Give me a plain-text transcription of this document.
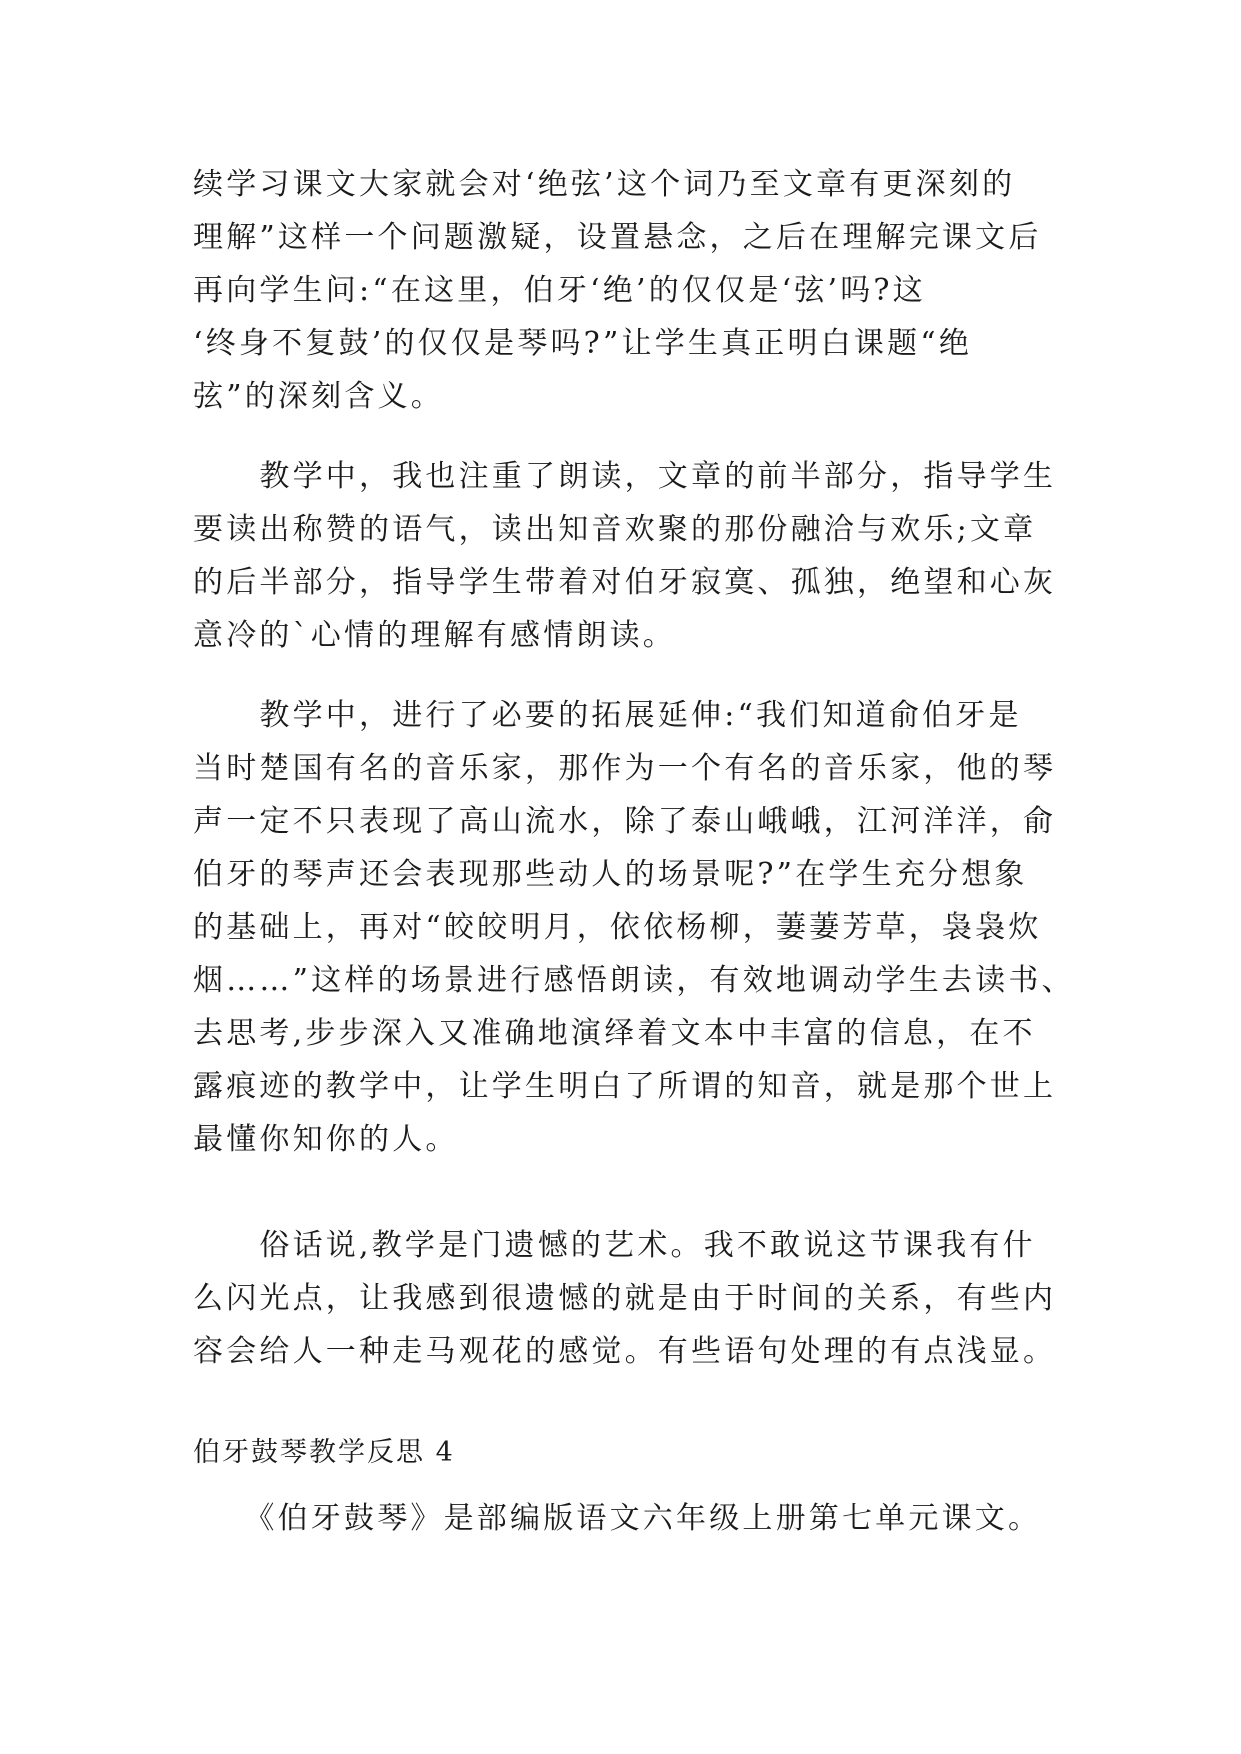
续学习课文大家就会对‘绝弦’这个词乃至文章有更深刻的
理解”这样一个问题激疑，设置悬念，之后在理解完课文后
再向学生问:“在这里，伯牙‘绝’的仅仅是‘弦’吗?这
‘终身不复鼓’的仅仅是琴吗?”让学生真正明白课题“绝
弦”的深刻含义。
　　教学中，我也注重了朗读，文章的前半部分，指导学生
要读出称赞的语气，读出知音欢聚的那份融洽与欢乐;文章
的后半部分，指导学生带着对伯牙寂寞、孤独，绝望和心灰
意冷的`心情的理解有感情朗读。
　　教学中，进行了必要的拓展延伸:“我们知道俞伯牙是
当时楚国有名的音乐家，那作为一个有名的音乐家，他的琴
声一定不只表现了高山流水，除了泰山峨峨，江河洋洋，俞
伯牙的琴声还会表现那些动人的场景呢?”在学生充分想象
的基础上，再对“皎皎明月，依依杨柳，萋萋芳草，袅袅炊
烟……”这样的场景进行感悟朗读，有效地调动学生去读书、
去思考,步步深入又准确地演绎着文本中丰富的信息，在不
露痕迹的教学中，让学生明白了所谓的知音，就是那个世上
最懂你知你的人。
　　俗话说,教学是门遗憾的艺术。我不敢说这节课我有什
么闪光点，让我感到很遗憾的就是由于时间的关系，有些内
容会给人一种走马观花的感觉。有些语句处理的有点浅显。
伯牙鼓琴教学反思 4
　　《伯牙鼓琴》是部编版语文六年级上册第七单元课文。
